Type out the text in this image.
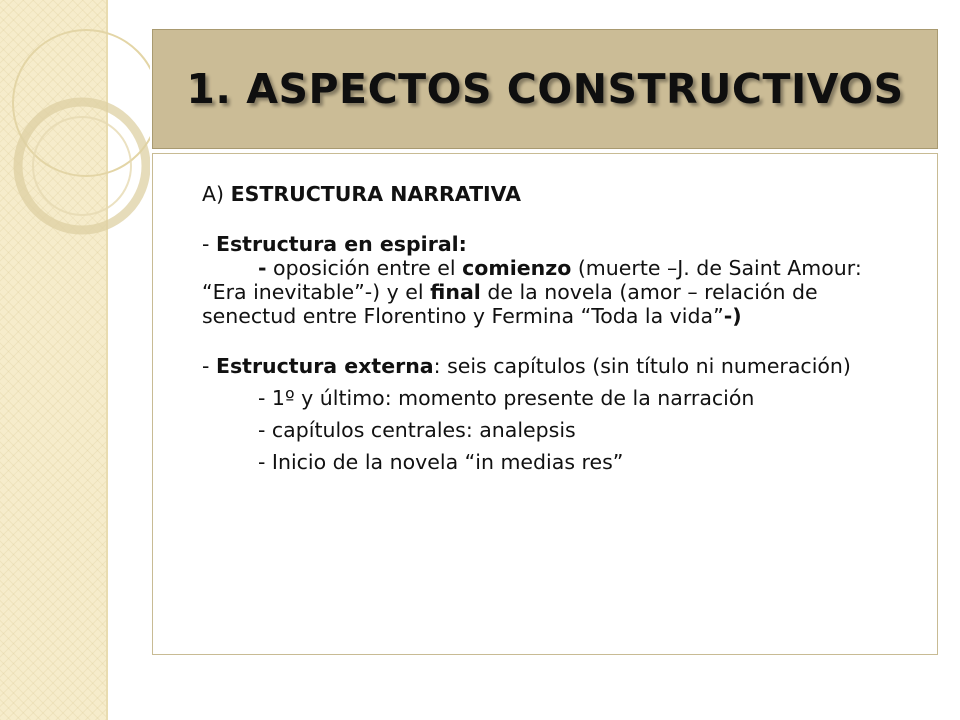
1. ASPECTOS CONSTRUCTIVOS

A) ESTRUCTURA NARRATIVA

- Estructura en espiral:

- oposición entre el comienzo (muerte –J. de Saint Amour: “Era inevitable”-) y el final de la novela (amor – relación de senectud entre Florentino y Fermina “Toda la vida”-)

- Estructura externa: seis capítulos (sin título ni numeración)

- 1º y último: momento presente de la narración

- capítulos centrales: analepsis

- Inicio de la novela “in medias res”
